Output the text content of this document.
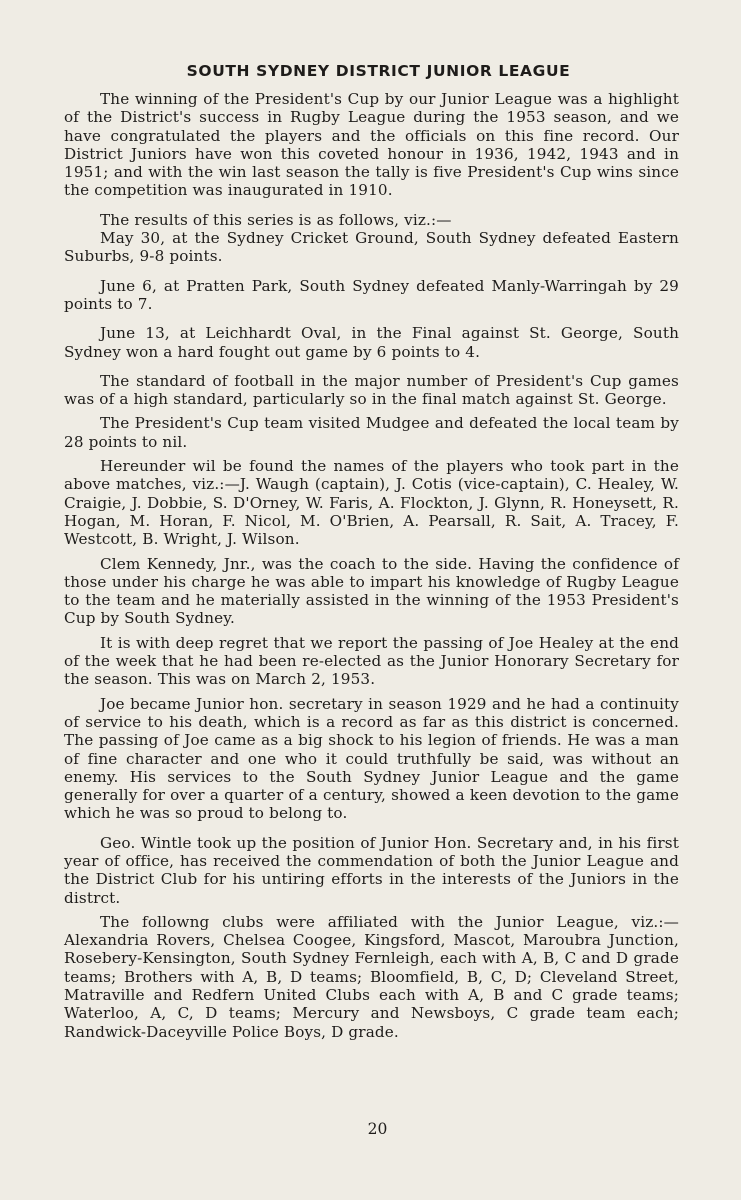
SOUTH SYDNEY DISTRICT JUNIOR LEAGUE

The winning of the President's Cup by our Junior League was a highlight of the District's success in Rugby League during the 1953 season, and we have congratulated the players and the officials on this fine record. Our District Juniors have won this coveted honour in 1936, 1942, 1943 and in 1951; and with the win last season the tally is five President's Cup wins since the competition was inaugurated in 1910.

The results of this series is as follows, viz.:—

May 30, at the Sydney Cricket Ground, South Sydney defeated Eastern Suburbs, 9-8 points.

June 6, at Pratten Park, South Sydney defeated Manly-Warringah by 29 points to 7.

June 13, at Leichhardt Oval, in the Final against St. George, South Sydney won a hard fought out game by 6 points to 4.

The standard of football in the major number of President's Cup games was of a high standard, particularly so in the final match against St. George.

The President's Cup team visited Mudgee and defeated the local team by 28 points to nil.

Hereunder wil be found the names of the players who took part in the above matches, viz.:—J. Waugh (captain), J. Cotis (vice-captain), C. Healey, W. Craigie, J. Dobbie, S. D'Orney, W. Faris, A. Flockton, J. Glynn, R. Honeysett, R. Hogan, M. Horan, F. Nicol, M. O'Brien, A. Pearsall, R. Sait, A. Tracey, F. Westcott, B. Wright, J. Wilson.

Clem Kennedy, Jnr., was the coach to the side. Having the confidence of those under his charge he was able to impart his knowledge of Rugby League to the team and he materially assisted in the winning of the 1953 President's Cup by South Sydney.

It is with deep regret that we report the passing of Joe Healey at the end of the week that he had been re-elected as the Junior Honorary Secretary for the season. This was on March 2, 1953.

Joe became Junior hon. secretary in season 1929 and he had a continuity of service to his death, which is a record as far as this district is concerned. The passing of Joe came as a big shock to his legion of friends. He was a man of fine character and one who it could truthfully be said, was without an enemy. His services to the South Sydney Junior League and the game generally for over a quarter of a century, showed a keen devotion to the game which he was so proud to belong to.

Geo. Wintle took up the position of Junior Hon. Secretary and, in his first year of office, has received the commendation of both the Junior League and the District Club for his untiring efforts in the interests of the Juniors in the distrct.

The followng clubs were affiliated with the Junior League, viz.:— Alexandria Rovers, Chelsea Coogee, Kingsford, Mascot, Maroubra Junction, Rosebery-Kensington, South Sydney Fernleigh, each with A, B, C and D grade teams; Brothers with A, B, D teams; Bloomfield, B, C, D; Cleveland Street, Matraville and Redfern United Clubs each with A, B and C grade teams; Waterloo, A, C, D teams; Mercury and Newsboys, C grade team each; Randwick-Daceyville Police Boys, D grade.

20
